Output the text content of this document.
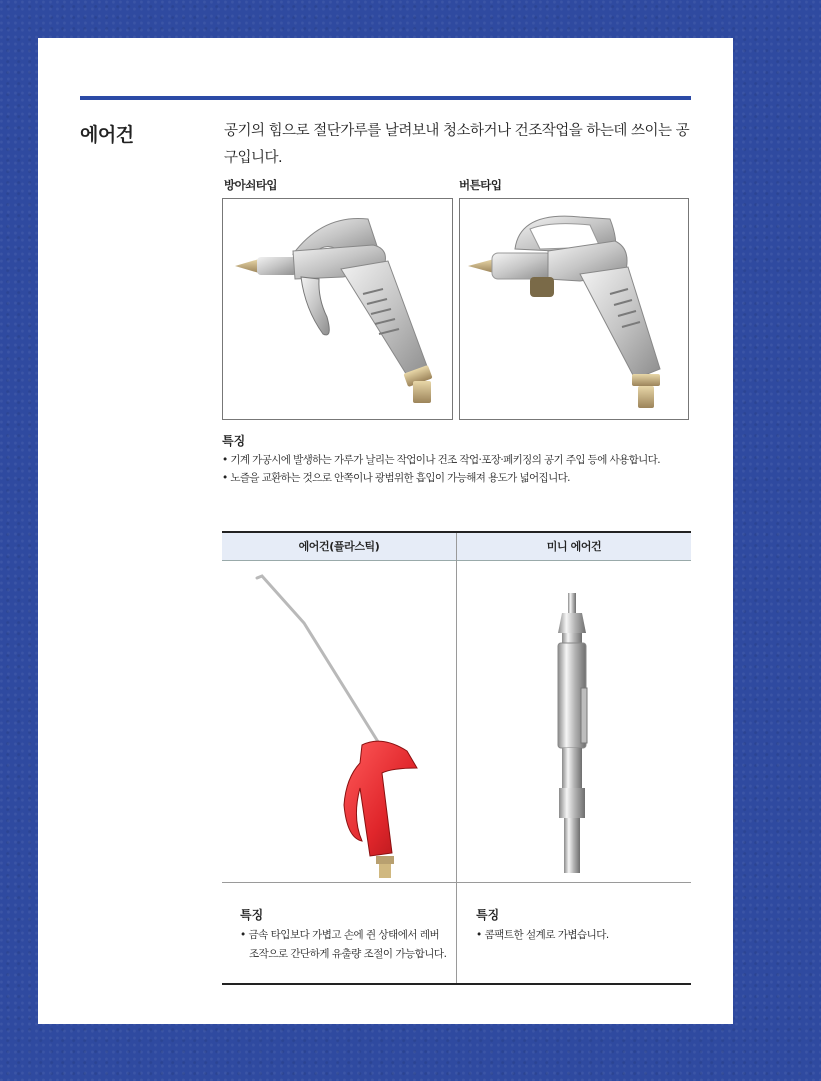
에어건	공기의 힘으로 절단가루를 날려보내 청소하거나 건조작업을 하는데 쓰이는 공구입니다.
방아쇠타입	버튼타입
특징
• 기계 가공시에 발생하는 가루가 날리는 작업이나 건조 작업·포장·페키징의 공기 주입 등에 사용합니다.
• 노즐을 교환하는 것으로 안쪽이나 광범위한 흡입이 가능해져 용도가 넓어집니다.
에어건(플라스틱)	미니 에어건
특징
• 금속 타입보다 가볍고 손에 쥔 상태에서 레버
조작으로 간단하게 유출량 조절이 가능합니다.
특징
• 콤팩트한 설계로 가볍습니다.
